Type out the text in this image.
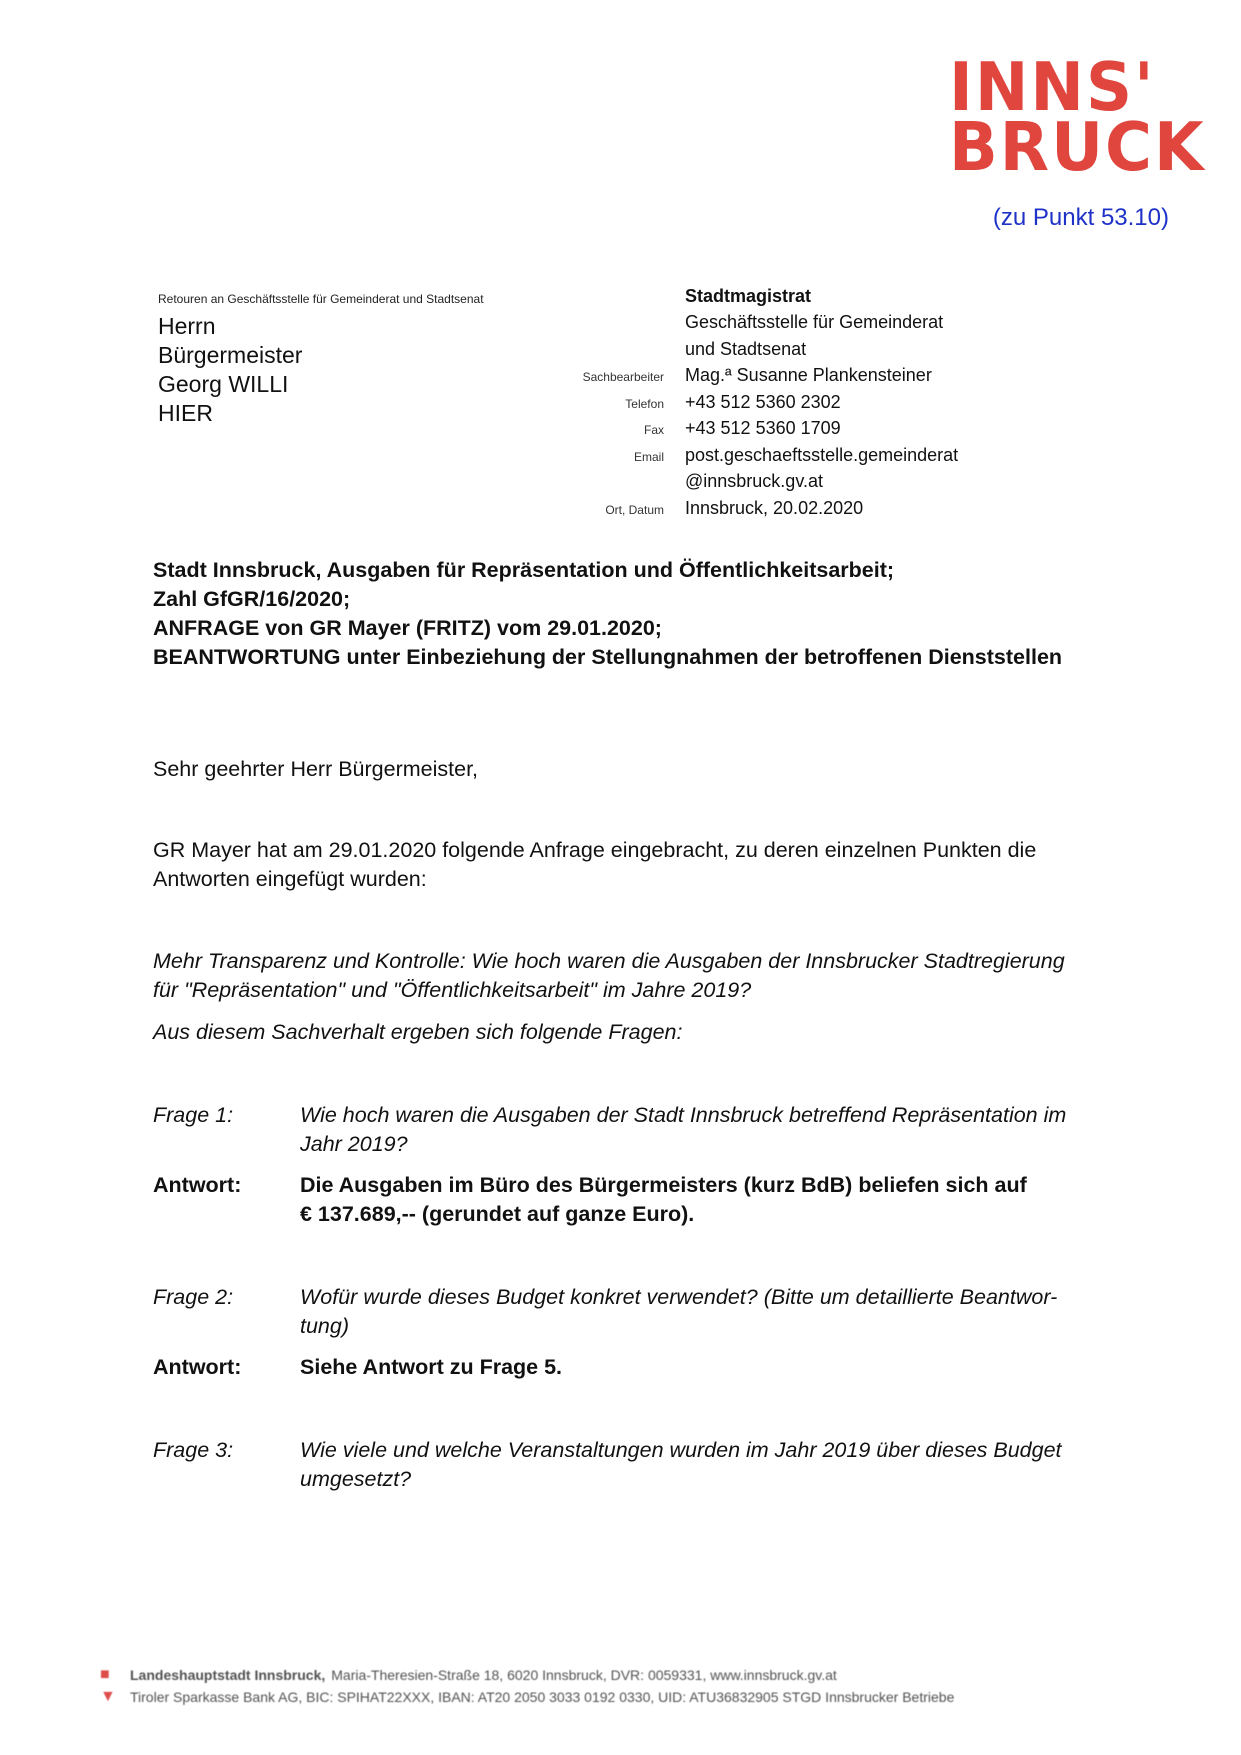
INNS'
BRUCK
(zu Punkt 53.10)
Retouren an Geschäftsstelle für Gemeinderat und Stadtsenat
Herrn
Bürgermeister
Georg WILLI
HIER
Stadtmagistrat
Geschäftsstelle für Gemeinderat
und Stadtsenat
Sachbearbeiter	Mag.ª Susanne Plankensteiner
Telefon	+43 512 5360 2302
Fax	+43 512 5360 1709
Email	post.geschaeftsstelle.gemeinderat
@innsbruck.gv.at
Ort, Datum	Innsbruck, 20.02.2020
Stadt Innsbruck, Ausgaben für Repräsentation und Öffentlichkeitsarbeit;
Zahl GfGR/16/2020;
ANFRAGE von GR Mayer (FRITZ) vom 29.01.2020;
BEANTWORTUNG unter Einbeziehung der Stellungnahmen der betroffenen Dienststellen
Sehr geehrter Herr Bürgermeister,
GR Mayer hat am 29.01.2020 folgende Anfrage eingebracht, zu deren einzelnen Punkten die
Antworten eingefügt wurden:
Mehr Transparenz und Kontrolle: Wie hoch waren die Ausgaben der Innsbrucker Stadtregierung
für "Repräsentation" und "Öffentlichkeitsarbeit" im Jahre 2019?
Aus diesem Sachverhalt ergeben sich folgende Fragen:
Frage 1:	Wie hoch waren die Ausgaben der Stadt Innsbruck betreffend Repräsentation im
Jahr 2019?
Antwort:	Die Ausgaben im Büro des Bürgermeisters (kurz BdB) beliefen sich auf
€ 137.689,-- (gerundet auf ganze Euro).
Frage 2:	Wofür wurde dieses Budget konkret verwendet? (Bitte um detaillierte Beantwor-
tung)
Antwort:	Siehe Antwort zu Frage 5.
Frage 3:	Wie viele und welche Veranstaltungen wurden im Jahr 2019 über dieses Budget
umgesetzt?
■	Landeshauptstadt Innsbruck, Maria-Theresien-Straße 18, 6020 Innsbruck, DVR: 0059331, www.innsbruck.gv.at
▼	Tiroler Sparkasse Bank AG, BIC: SPIHAT22XXX, IBAN: AT20 2050 3033 0192 0330, UID: ATU36832905 STGD Innsbrucker Betriebe
